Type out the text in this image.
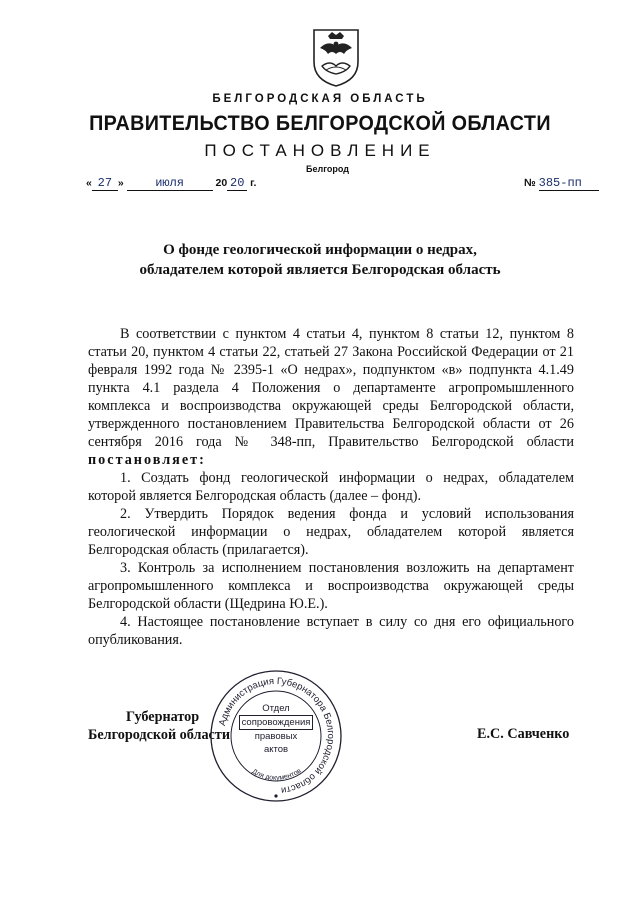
БЕЛГОРОДСКАЯ ОБЛАСТЬ
ПРАВИТЕЛЬСТВО БЕЛГОРОДСКОЙ ОБЛАСТИ
ПОСТАНОВЛЕНИЕ
Белгород
« 27 »	июля	20 20 г.	№ 385-пп
О фонде геологической информации о недрах,
обладателем которой является Белгородская область

В соответствии с пунктом 4 статьи 4, пунктом 8 статьи 12, пунктом 8 статьи 20, пунктом 4 статьи 22, статьей 27 Закона Российской Федерации от 21 февраля 1992 года № 2395-1 «О недрах», подпунктом «в» подпункта 4.1.49 пункта 4.1 раздела 4 Положения о департаменте агропромышленного комплекса и воспроизводства окружающей среды Белгородской области, утвержденного постановлением Правительства Белгородской области от 26 сентября 2016 года № 348-пп, Правительство Белгородской области постановляет:

1. Создать фонд геологической информации о недрах, обладателем которой является Белгородская область (далее – фонд).

2. Утвердить Порядок ведения фонда и условий использования геологической информации о недрах, обладателем которой является Белгородская область (прилагается).

3. Контроль за исполнением постановления возложить на департамент агропромышленного комплекса и воспроизводства окружающей среды Белгородской области (Щедрина Ю.Е.).

4. Настоящее постановление вступает в силу со дня его официального опубликования.

Губернатор
Белгородской области	Е.С. Савченко
Администрация Губернатора Белгородской области
Для документов
Отдел
сопровождения
правовых
актов
